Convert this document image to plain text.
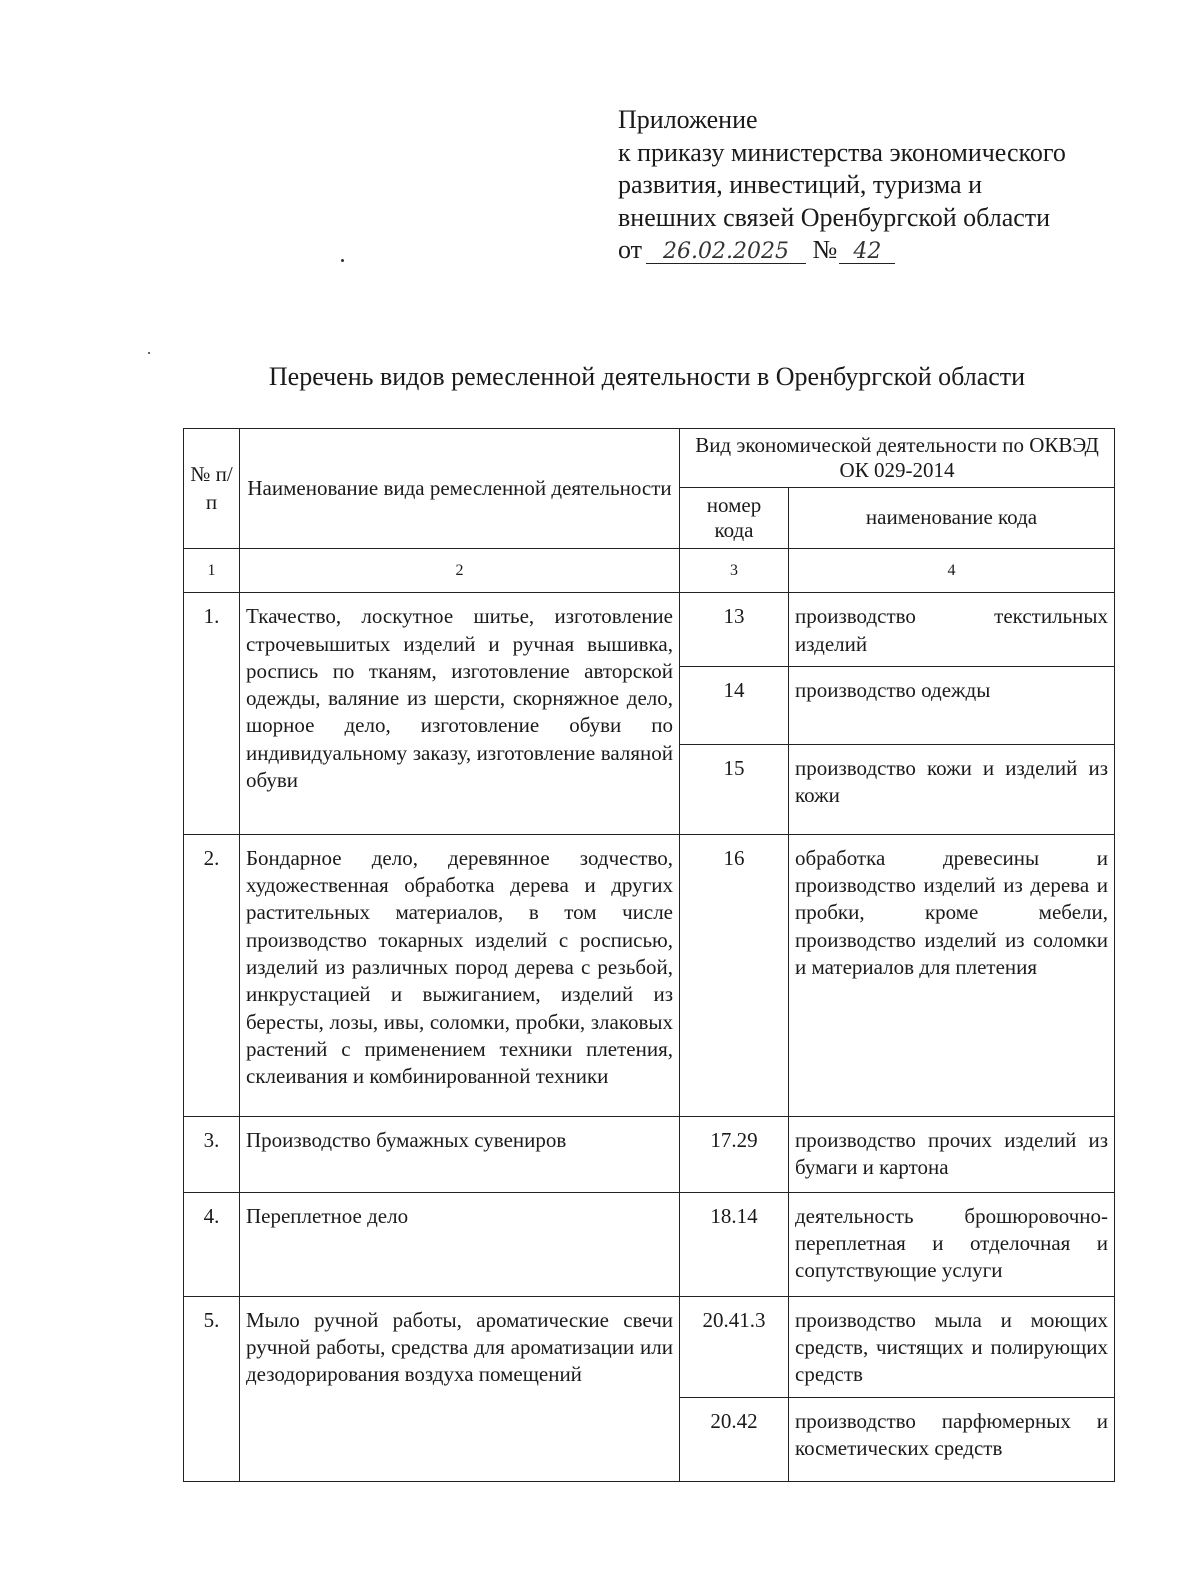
Приложение
к приказу министерства экономического
развития, инвестиций, туризма и
внешних связей Оренбургской области
от 26.02.2025 № 42
Перечень видов ремесленной деятельности в Оренбургской области
№ п/п	Наименование вида ремесленной деятельности	Вид экономической деятельности по ОКВЭД ОК 029-2014	
		номер кода	наименование кода
1	2	3	4
1.	Ткачество, лоскутное шитье, изготовление строчевышитых изделий и ручная вышивка, роспись по тканям, изготовление авторской одежды, валяние из шерсти, скорняжное дело, шорное дело, изготовление обуви по индивидуальному заказу, изготовление валяной обуви	13	производство текстильных изделий
		14	производство одежды
		15	производство кожи и изделий из кожи
2.	Бондарное дело, деревянное зодчество, художественная обработка дерева и других растительных материалов, в том числе производство токарных изделий с росписью, изделий из различных пород дерева с резьбой, инкрустацией и выжиганием, изделий из бересты, лозы, ивы, соломки, пробки, злаковых растений с применением техники плетения, склеивания и комбинированной техники	16	обработка древесины и производство изделий из дерева и пробки, кроме мебели, производство изделий из соломки и материалов для плетения
3.	Производство бумажных сувениров	17.29	производство прочих изделий из бумаги и картона
4.	Переплетное дело	18.14	деятельность брошюровочно-переплетная и отделочная и сопутствующие услуги
5.	Мыло ручной работы, ароматические свечи ручной работы, средства для ароматизации или дезодорирования воздуха помещений	20.41.3	производство мыла и моющих средств, чистящих и полирующих средств
		20.42	производство парфюмерных и косметических средств
